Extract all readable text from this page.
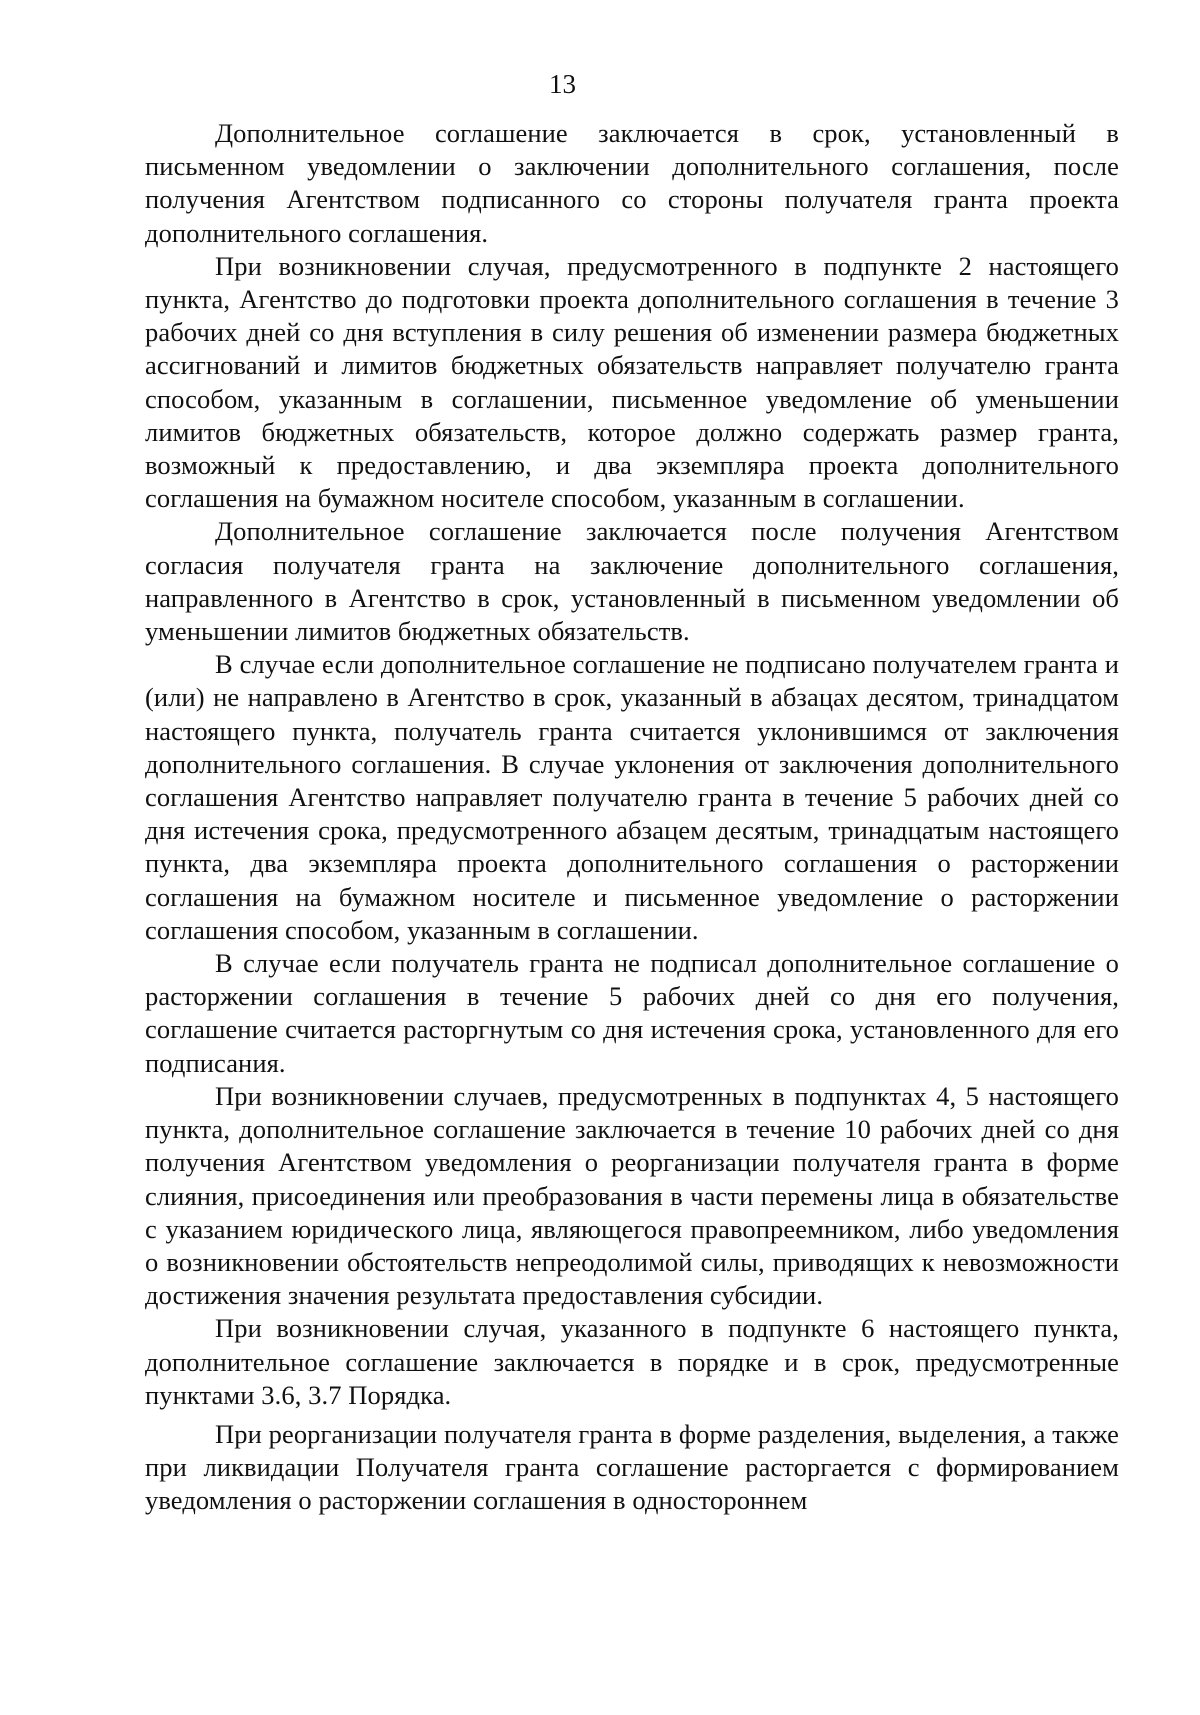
13

Дополнительное соглашение заключается в срок, установленный в письменном уведомлении о заключении дополнительного соглашения, после получения Агентством подписанного со стороны получателя гранта проекта дополнительного соглашения.

При возникновении случая, предусмотренного в подпункте 2 настоящего пункта, Агентство до подготовки проекта дополнительного соглашения в течение 3 рабочих дней со дня вступления в силу решения об изменении размера бюджетных ассигнований и лимитов бюджетных обязательств направляет получателю гранта способом, указанным в соглашении, письменное уведомление об уменьшении лимитов бюджетных обязательств, которое должно содержать размер гранта, возможный к предоставлению, и два экземпляра проекта дополнительного соглашения на бумажном носителе способом, указанным в соглашении.

Дополнительное соглашение заключается после получения Агентством согласия получателя гранта на заключение дополнительного соглашения, направленного в Агентство в срок, установленный в письменном уведомлении об уменьшении лимитов бюджетных обязательств.

В случае если дополнительное соглашение не подписано получателем гранта и (или) не направлено в Агентство в срок, указанный в абзацах десятом, тринадцатом настоящего пункта, получатель гранта считается уклонившимся от заключения дополнительного соглашения. В случае уклонения от заключения дополнительного соглашения Агентство направляет получателю гранта в течение 5 рабочих дней со дня истечения срока, предусмотренного абзацем десятым, тринадцатым настоящего пункта, два экземпляра проекта дополнительного соглашения о расторжении соглашения на бумажном носителе и письменное уведомление о расторжении соглашения способом, указанным в соглашении.

В случае если получатель гранта не подписал дополнительное соглашение о расторжении соглашения в течение 5 рабочих дней со дня его получения, соглашение считается расторгнутым со дня истечения срока, установленного для его подписания.

При возникновении случаев, предусмотренных в подпунктах 4, 5 настоящего пункта, дополнительное соглашение заключается в течение 10 рабочих дней со дня получения Агентством уведомления о реорганизации получателя гранта в форме слияния, присоединения или преобразования в части перемены лица в обязательстве с указанием юридического лица, являющегося правопреемником, либо уведомления о возникновении обстоятельств непреодолимой силы, приводящих к невозможности достижения значения результата предоставления субсидии.

При возникновении случая, указанного в подпункте 6 настоящего пункта, дополнительное соглашение заключается в порядке и в срок, предусмотренные пунктами 3.6, 3.7 Порядка.

При реорганизации получателя гранта в форме разделения, выделения, а также при ликвидации Получателя гранта соглашение расторгается с формированием уведомления о расторжении соглашения в одностороннем
